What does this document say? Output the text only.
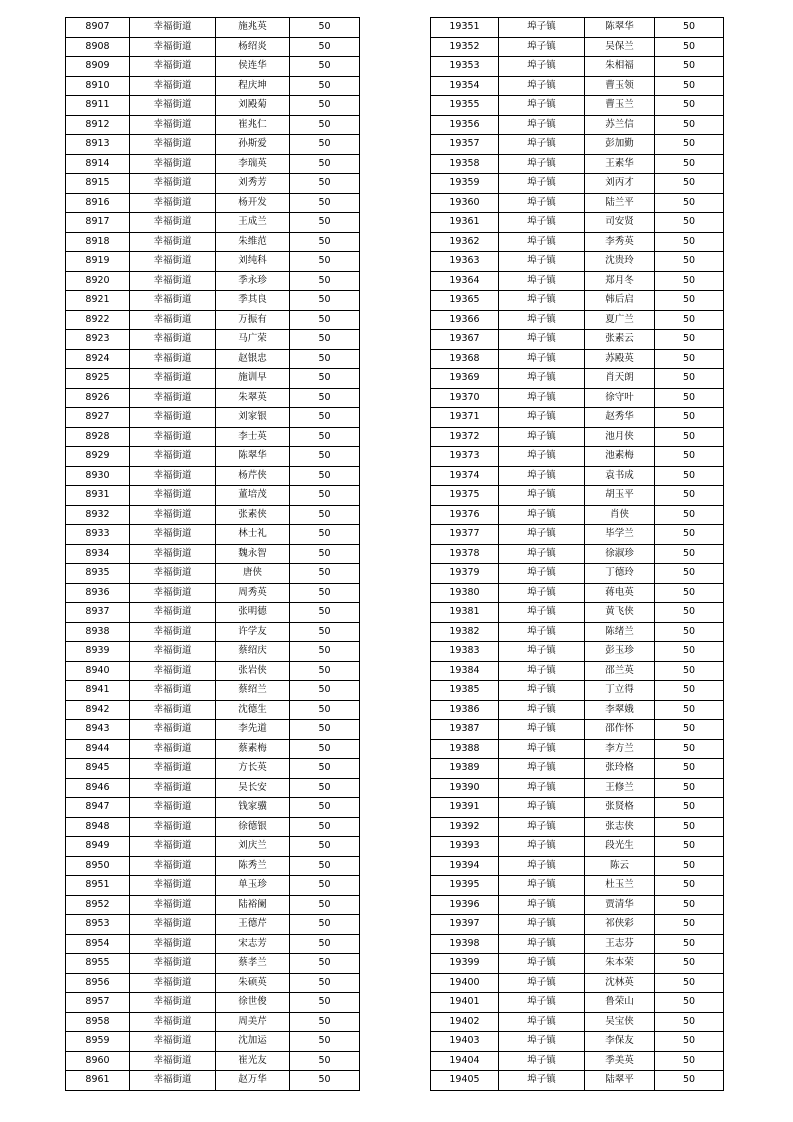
8907	幸福街道	施兆英	50
8908	幸福街道	杨绍炎	50
8909	幸福街道	侯连华	50
8910	幸福街道	程庆坤	50
8911	幸福街道	刘殿菊	50
8912	幸福街道	崔兆仁	50
8913	幸福街道	孙斯爱	50
8914	幸福街道	李瑞英	50
8915	幸福街道	刘秀芳	50
8916	幸福街道	杨开发	50
8917	幸福街道	王成兰	50
8918	幸福街道	朱维范	50
8919	幸福街道	刘纯科	50
8920	幸福街道	季永珍	50
8921	幸福街道	季其良	50
8922	幸福街道	万振有	50
8923	幸福街道	马广荣	50
8924	幸福街道	赵银忠	50
8925	幸福街道	施训早	50
8926	幸福街道	朱翠英	50
8927	幸福街道	刘家银	50
8928	幸福街道	李士英	50
8929	幸福街道	陈翠华	50
8930	幸福街道	杨芹侠	50
8931	幸福街道	董培茂	50
8932	幸福街道	张素侠	50
8933	幸福街道	林士礼	50
8934	幸福街道	魏永智	50
8935	幸福街道	唐侠	50
8936	幸福街道	周秀英	50
8937	幸福街道	张明德	50
8938	幸福街道	许学友	50
8939	幸福街道	蔡绍庆	50
8940	幸福街道	张岩侠	50
8941	幸福街道	蔡绍兰	50
8942	幸福街道	沈德生	50
8943	幸福街道	李先道	50
8944	幸福街道	蔡素梅	50
8945	幸福街道	方长英	50
8946	幸福街道	吴长安	50
8947	幸福街道	钱家骥	50
8948	幸福街道	徐德银	50
8949	幸福街道	刘庆兰	50
8950	幸福街道	陈秀兰	50
8951	幸福街道	单玉珍	50
8952	幸福街道	陆裕阑	50
8953	幸福街道	王德芹	50
8954	幸福街道	宋志芳	50
8955	幸福街道	蔡孝兰	50
8956	幸福街道	朱硕英	50
8957	幸福街道	徐世俊	50
8958	幸福街道	周美芹	50
8959	幸福街道	沈加运	50
8960	幸福街道	崔光友	50
8961	幸福街道	赵万华	50
19351	埠子镇	陈翠华	50
19352	埠子镇	吴保兰	50
19353	埠子镇	朱相福	50
19354	埠子镇	曹玉领	50
19355	埠子镇	曹玉兰	50
19356	埠子镇	苏兰信	50
19357	埠子镇	彭加勤	50
19358	埠子镇	王素华	50
19359	埠子镇	刘丙才	50
19360	埠子镇	陆兰平	50
19361	埠子镇	司安贤	50
19362	埠子镇	李秀英	50
19363	埠子镇	沈贵玲	50
19364	埠子镇	郑月冬	50
19365	埠子镇	韩后启	50
19366	埠子镇	夏广兰	50
19367	埠子镇	张素云	50
19368	埠子镇	苏殿英	50
19369	埠子镇	肖天朗	50
19370	埠子镇	徐守叶	50
19371	埠子镇	赵秀华	50
19372	埠子镇	池月侠	50
19373	埠子镇	池素梅	50
19374	埠子镇	袁书成	50
19375	埠子镇	胡玉平	50
19376	埠子镇	肖侠	50
19377	埠子镇	毕学兰	50
19378	埠子镇	徐淑珍	50
19379	埠子镇	丁德玲	50
19380	埠子镇	蒋电英	50
19381	埠子镇	黄飞侠	50
19382	埠子镇	陈绪兰	50
19383	埠子镇	彭玉珍	50
19384	埠子镇	邵兰英	50
19385	埠子镇	丁立得	50
19386	埠子镇	李翠娥	50
19387	埠子镇	邵作怀	50
19388	埠子镇	李方兰	50
19389	埠子镇	张玲格	50
19390	埠子镇	王修兰	50
19391	埠子镇	张贤格	50
19392	埠子镇	张志侠	50
19393	埠子镇	段光生	50
19394	埠子镇	陈云	50
19395	埠子镇	杜玉兰	50
19396	埠子镇	贾清华	50
19397	埠子镇	祁侠彩	50
19398	埠子镇	王志芬	50
19399	埠子镇	朱本荣	50
19400	埠子镇	沈林英	50
19401	埠子镇	鲁荣山	50
19402	埠子镇	吴宝侠	50
19403	埠子镇	李保友	50
19404	埠子镇	季美英	50
19405	埠子镇	陆翠平	50
